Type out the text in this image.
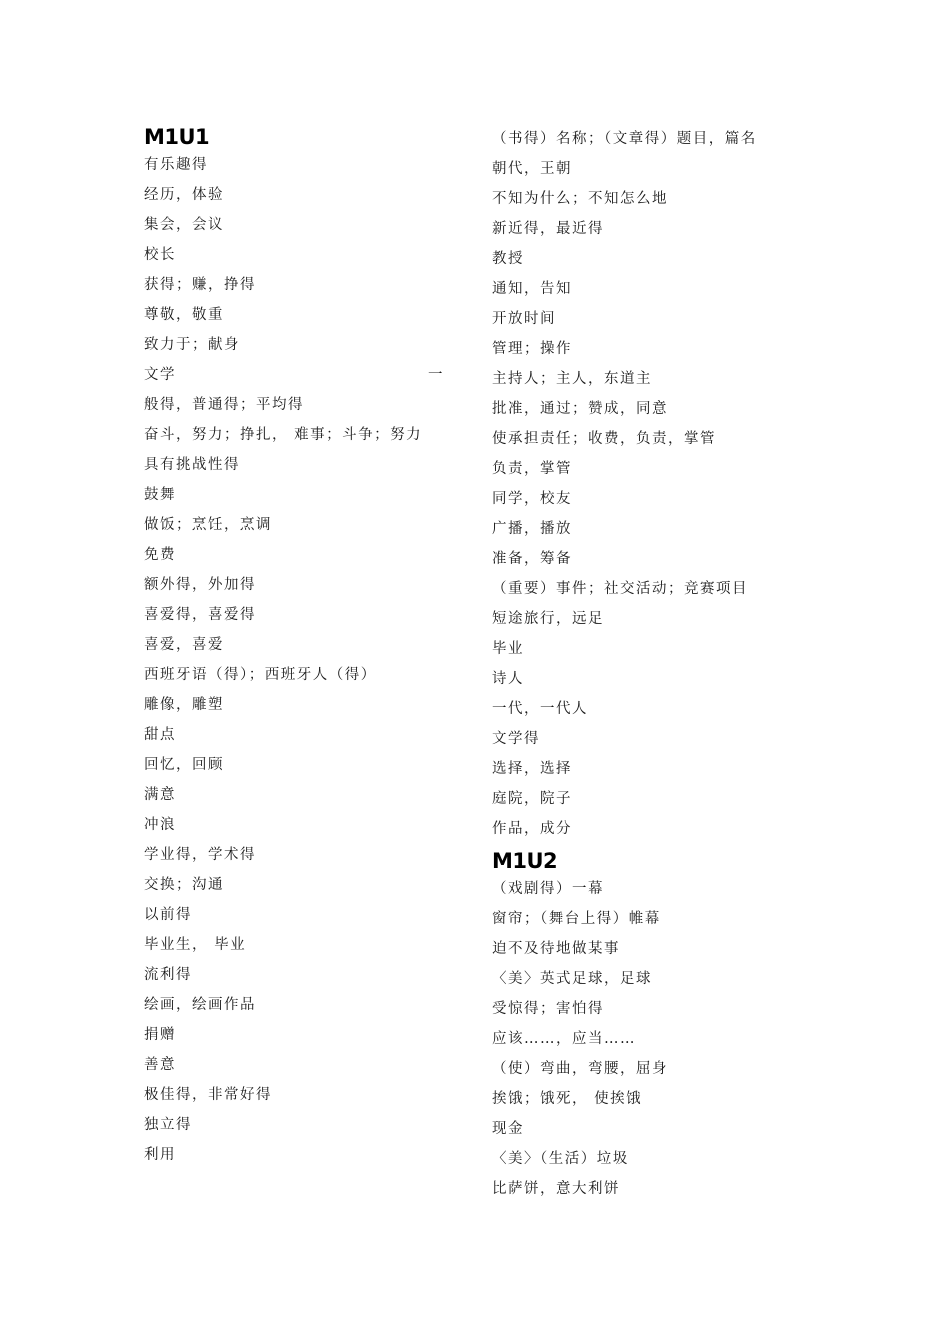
M1U1
有乐趣得
经历，体验
集会，会议
校长
获得；赚，挣得
尊敬，敬重
致力于；献身
文学	一
般得，普通得；平均得
奋斗，努力；挣扎， 难事；斗争；努力
具有挑战性得
鼓舞
做饭；烹饪，烹调
免费
额外得，外加得
喜爱得，喜爱得
喜爱，喜爱
西班牙语（得）；西班牙人（得）
雕像，雕塑
甜点
回忆，回顾
满意
冲浪
学业得，学术得
交换；沟通
以前得
毕业生， 毕业
流利得
绘画，绘画作品
捐赠
善意
极佳得，非常好得
独立得
利用
（书得）名称；（文章得）题目，篇名
朝代，王朝
不知为什么；不知怎么地
新近得，最近得
教授
通知，告知
开放时间
管理；操作
主持人；主人，东道主
批准，通过；赞成，同意
使承担责任；收费，负责，掌管
负责，掌管
同学，校友
广播，播放
准备，筹备
（重要）事件；社交活动；竞赛项目
短途旅行，远足
毕业
诗人
一代，一代人
文学得
选择，选择
庭院，院子
作品，成分
M1U2
（戏剧得）一幕
窗帘；（舞台上得）帷幕
迫不及待地做某事
〈美〉英式足球，足球
受惊得；害怕得
应该……，应当……
（使）弯曲，弯腰，屈身
挨饿；饿死， 使挨饿
现金
〈美〉（生活）垃圾
比萨饼，意大利饼
